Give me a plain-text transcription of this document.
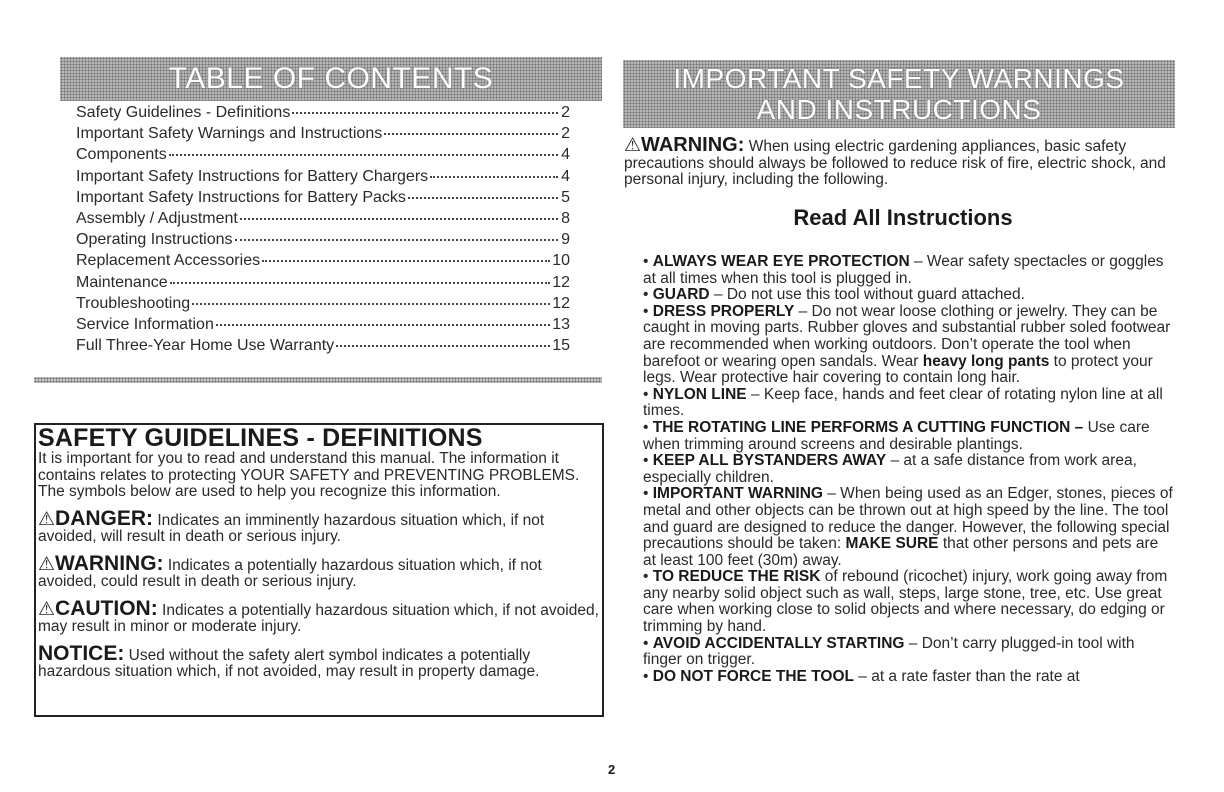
TABLE OF CONTENTS
Safety Guidelines - Definitions	2
Important Safety Warnings and Instructions	2
Components	4
Important Safety Instructions for Battery Chargers	4
Important Safety Instructions for Battery Packs	5
Assembly / Adjustment	8
Operating Instructions	9
Replacement Accessories	10
Maintenance	12
Troubleshooting	12
Service Information	13
Full Three-Year Home Use Warranty	15
SAFETY GUIDELINES - DEFINITIONS

It is important for you to read and understand this manual. The information it contains relates to protecting YOUR SAFETY and PREVENTING PROBLEMS. The symbols below are used to help you recognize this information.

⚠DANGER: Indicates an imminently hazardous situation which, if not avoided, will result in death or serious injury.
⚠WARNING: Indicates a potentially hazardous situation which, if not avoided, could result in death or serious injury.
⚠CAUTION: Indicates a potentially hazardous situation which, if not avoided, may result in minor or moderate injury.
NOTICE: Used without the safety alert symbol indicates a potentially hazardous situation which, if not avoided, may result in property damage.
IMPORTANT SAFETY WARNINGS
AND INSTRUCTIONS
⚠WARNING: When using electric gardening appliances, basic safety precautions should always be followed to reduce risk of fire, electric shock, and personal injury, including the following.
Read All Instructions

• ALWAYS WEAR EYE PROTECTION – Wear safety spectacles or goggles at all times when this tool is plugged in.

• GUARD – Do not use this tool without guard attached.

• DRESS PROPERLY – Do not wear loose clothing or jewelry. They can be caught in moving parts. Rubber gloves and substantial rubber soled footwear are recommended when working outdoors. Don’t operate the tool when barefoot or wearing open sandals. Wear heavy long pants to protect your legs. Wear protective hair covering to contain long hair.

• NYLON LINE – Keep face, hands and feet clear of rotating nylon line at all times.

• THE ROTATING LINE PERFORMS A CUTTING FUNCTION – Use care when trimming around screens and desirable plantings.

• KEEP ALL BYSTANDERS AWAY – at a safe distance from work area, especially children.

• IMPORTANT WARNING – When being used as an Edger, stones, pieces of metal and other objects can be thrown out at high speed by the line. The tool and guard are designed to reduce the danger. However, the following special precautions should be taken: MAKE SURE that other persons and pets are at least 100 feet (30m) away.

• TO REDUCE THE RISK of rebound (ricochet) injury, work going away from any nearby solid object such as wall, steps, large stone, tree, etc. Use great care when working close to solid objects and where necessary, do edging or trimming by hand.

• AVOID ACCIDENTALLY STARTING – Don’t carry plugged-in tool with finger on trigger.

• DO NOT FORCE THE TOOL – at a rate faster than the rate at

2
